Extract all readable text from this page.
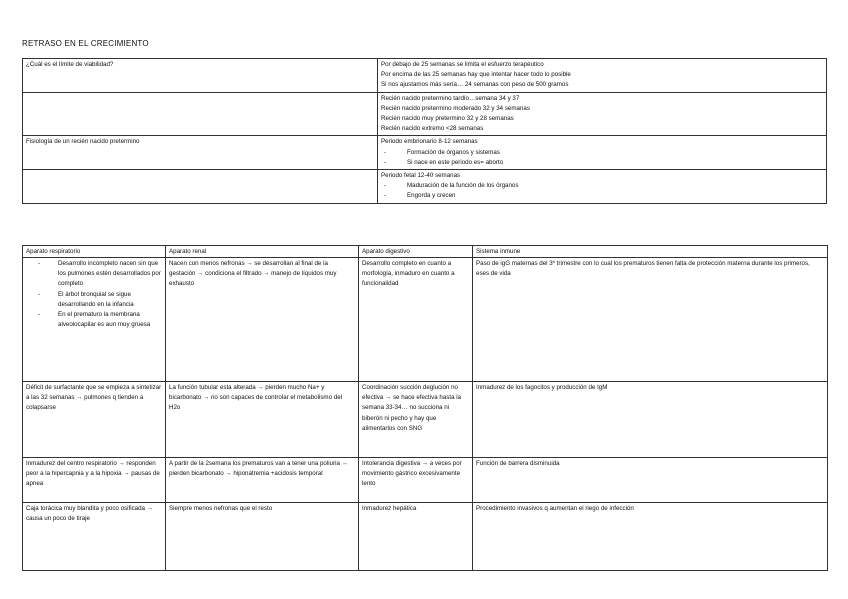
RETRASO EN EL CRECIMIENTO
¿Cuál es el límite de viabilidad?	Por debajo de 25 semanas se limita el esfuerzo terapéutico
Por encima de las 25 semanas hay que intentar hacer todo lo posible
Si nos ajustamos más sería… 24 semanas con peso de 500 gramos

	Recién nacido pretermino tardío…semana 34 y 37
Recién nacido pretermino moderado 32 y 34 semanas
Recién nacido muy pretermino 32 y 28 semanas
Recién nacido extremo <28 semanas

Fisiología de un recién nacido pretermino	Periodo embrionario 8-12 semanas
- Formación de órganos y sistemas
- Si nace en este periodo es= aborto

	Periodo fetal 12-40 semanas
- Maduración de la función de los órganos
- Engorda y crecen
Aparato respiratorio	Aparato renal	Aparato digestivo	Sistema inmune

- Desarrollo incompleto nacen sin que los pulmones estén desarrollados por completo
- El árbol bronquial se sigue desarrollando en la infancia
- En el prematuro la membrana alveolocapilar es aun muy gruesa	Nacen con menos nefronas → se desarrollan al final de la gestación → condiciona el filtrado → manejo de líquidos muy exhausto	Desarrollo completo en cuanto a morfología, inmaduro en cuanto a funcionalidad	Paso de igG maternas del 3º trimestre con lo cual los prematuros tienen falta de protección materna durante los primeros, eses de vida
Déficit de surfactante que se empieza a sintetizar a las 32 semanas → pulmones q tienden a colapsarse	La función tubular esta alterada → pierden mucho Na+ y bicarbonato → no son capaces de controlar el metabolismo del H2o	Coordinación succión deglución no efectiva → se hace efectiva hasta la semana 33-34… no succiona ni biberón ni pecho y hay que alimentarlos con SNG	Inmadurez de los fagocitos y producción de IgM
Inmadurez del centro respiratorio → responden peor a la hipercapnia y a la hipoxia → pausas de apnea	A partir de la 2semana los prematuros van a tener una poliuria → pierden bicarbonato → hiponatremia +acidosis temporal	Intolerancia digestiva → a veces por movimiento gástrico excesivamente lento	Función de barrera disminuida
Caja torácica muy blandita y poco osificada → causa un poco de tiraje	Siempre menos nefronas que el resto	Inmadurez hepática	Procedimiento invasivos q aumentan el riego de infección
